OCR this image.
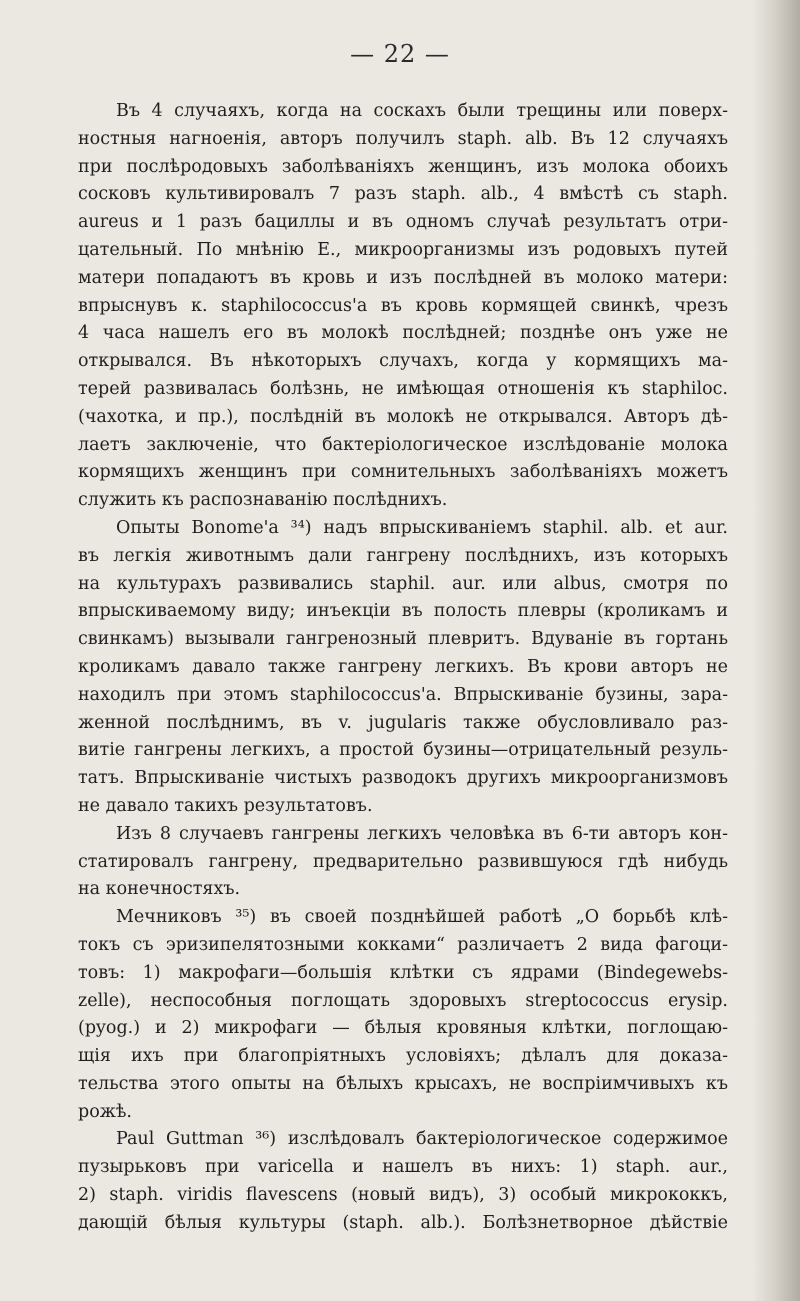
— 22 —
Въ 4 случаяхъ, когда на соскахъ были трещины или поверх-
ностныя нагноенія, авторъ получилъ staph. alb. Въ 12 случаяхъ
при послѣродовыхъ заболѣваніяхъ женщинъ, изъ молока обоихъ
сосковъ культивировалъ 7 разъ staph. alb., 4 вмѣстѣ съ staph.
aureus и 1 разъ бациллы и въ одномъ случаѣ результатъ отри-
цательный. По мнѣнію Е., микроорганизмы изъ родовыхъ путей
матери попадаютъ въ кровь и изъ послѣдней въ молоко матери:
впрыснувъ к. staphilococcus'а въ кровь кормящей свинкѣ, чрезъ
4 часа нашелъ его въ молокѣ послѣдней; позднѣе онъ уже не
открывался. Въ нѣкоторыхъ случахъ, когда у кормящихъ ма-
терей развивалась болѣзнь, не имѣющая отношенія къ staphiloc.
(чахотка, и пр.), послѣдній въ молокѣ не открывался. Авторъ дѣ-
лаетъ заключеніе, что бактеріологическое изслѣдованіе молока
кормящихъ женщинъ при сомнительныхъ заболѣваніяхъ можетъ
служить къ распознаванію послѣднихъ.
Опыты Bonome'а ³⁴) надъ впрыскиваніемъ staphil. alb. et aur.
въ легкія животнымъ дали гангрену послѣднихъ, изъ которыхъ
на культурахъ развивались staphil. aur. или albus, смотря по
впрыскиваемому виду; инъекціи въ полость плевры (кроликамъ и
свинкамъ) вызывали гангренозный плевритъ. Вдуваніе въ гортань
кроликамъ давало также гангрену легкихъ. Въ крови авторъ не
находилъ при этомъ staphilococcus'а. Впрыскиваніе бузины, зара-
женной послѣднимъ, въ v. jugularis также обусловливало раз-
витіе гангрены легкихъ, а простой бузины—отрицательный резуль-
татъ. Впрыскиваніе чистыхъ разводокъ другихъ микроорганизмовъ
не давало такихъ результатовъ.
Изъ 8 случаевъ гангрены легкихъ человѣка въ 6-ти авторъ кон-
статировалъ гангрену, предварительно развившуюся гдѣ нибудь
на конечностяхъ.
Мечниковъ ³⁵) въ своей позднѣйшей работѣ „О борьбѣ клѣ-
токъ съ эризипелятозными кокками“ различаетъ 2 вида фагоци-
товъ: 1) макрофаги—большія клѣтки съ ядрами (Bindegewebs-
zelle), неспособныя поглощать здоровыхъ streptococcus erysip.
(pyog.) и 2) микрофаги — бѣлыя кровяныя клѣтки, поглощаю-
щія ихъ при благопріятныхъ условіяхъ; дѣлалъ для доказа-
тельства этого опыты на бѣлыхъ крысахъ, не воспріимчивыхъ къ
рожѣ.
Paul Guttman ³⁶) изслѣдовалъ бактеріологическое содержимое
пузырьковъ при varicella и нашелъ въ нихъ: 1) staph. aur.,
2) staph. viridis flavescens (новый видъ), 3) особый микрококкъ,
дающій бѣлыя культуры (staph. alb.). Болѣзнетворное дѣйствіе
